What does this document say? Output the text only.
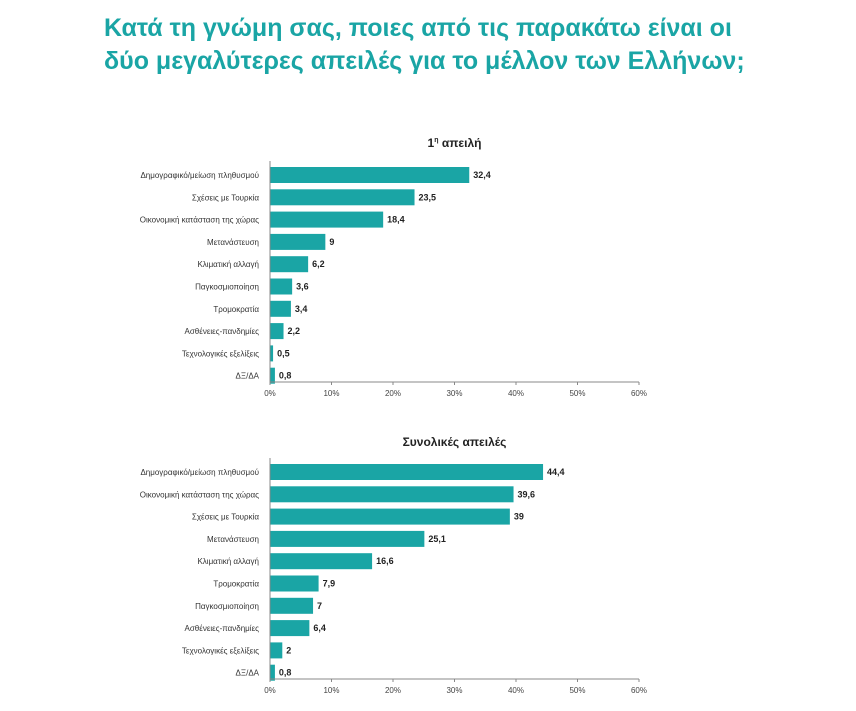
Κατά τη γνώμη σας, ποιες από τις παρακάτω είναι οι δύο μεγαλύτερες απειλές για το μέλλον των Ελλήνων;
$1^\eta$ απειλή
Δημογραφικό/μείωση πληθυσμού	32,4
Σχέσεις με Τουρκία	23,5
Οικονομική κατάσταση της χώρας	18,4
Μετανάστευση	9
Κλιματική αλλαγή	6,2
Παγκοσμιοποίηση	3,6
Τρομοκρατία	3,4
Ασθένειες-πανδημίες	2,2
Τεχνολογικές εξελίξεις 0,5
ΔΞ/ΔΑ 0,8
0%	10%	20%	30%	40%	50%	60%
Συνολικές απειλές
Δημογραφικό/μείωση πληθυσμού	44,4
Οικονομική κατάσταση της χώρας	39,6
Σχέσεις με Τουρκία	39
Μετανάστευση	25,1
Κλιματική αλλαγή	16,6
Τρομοκρατία	7,9
Παγκοσμιοποίηση	7
Ασθένειες-πανδημίες	6,4
Τεχνολογικές εξελίξεις	2
ΔΞ/ΔΑ 0,8
0%	10%	20%	30%	40%	50%	60%
